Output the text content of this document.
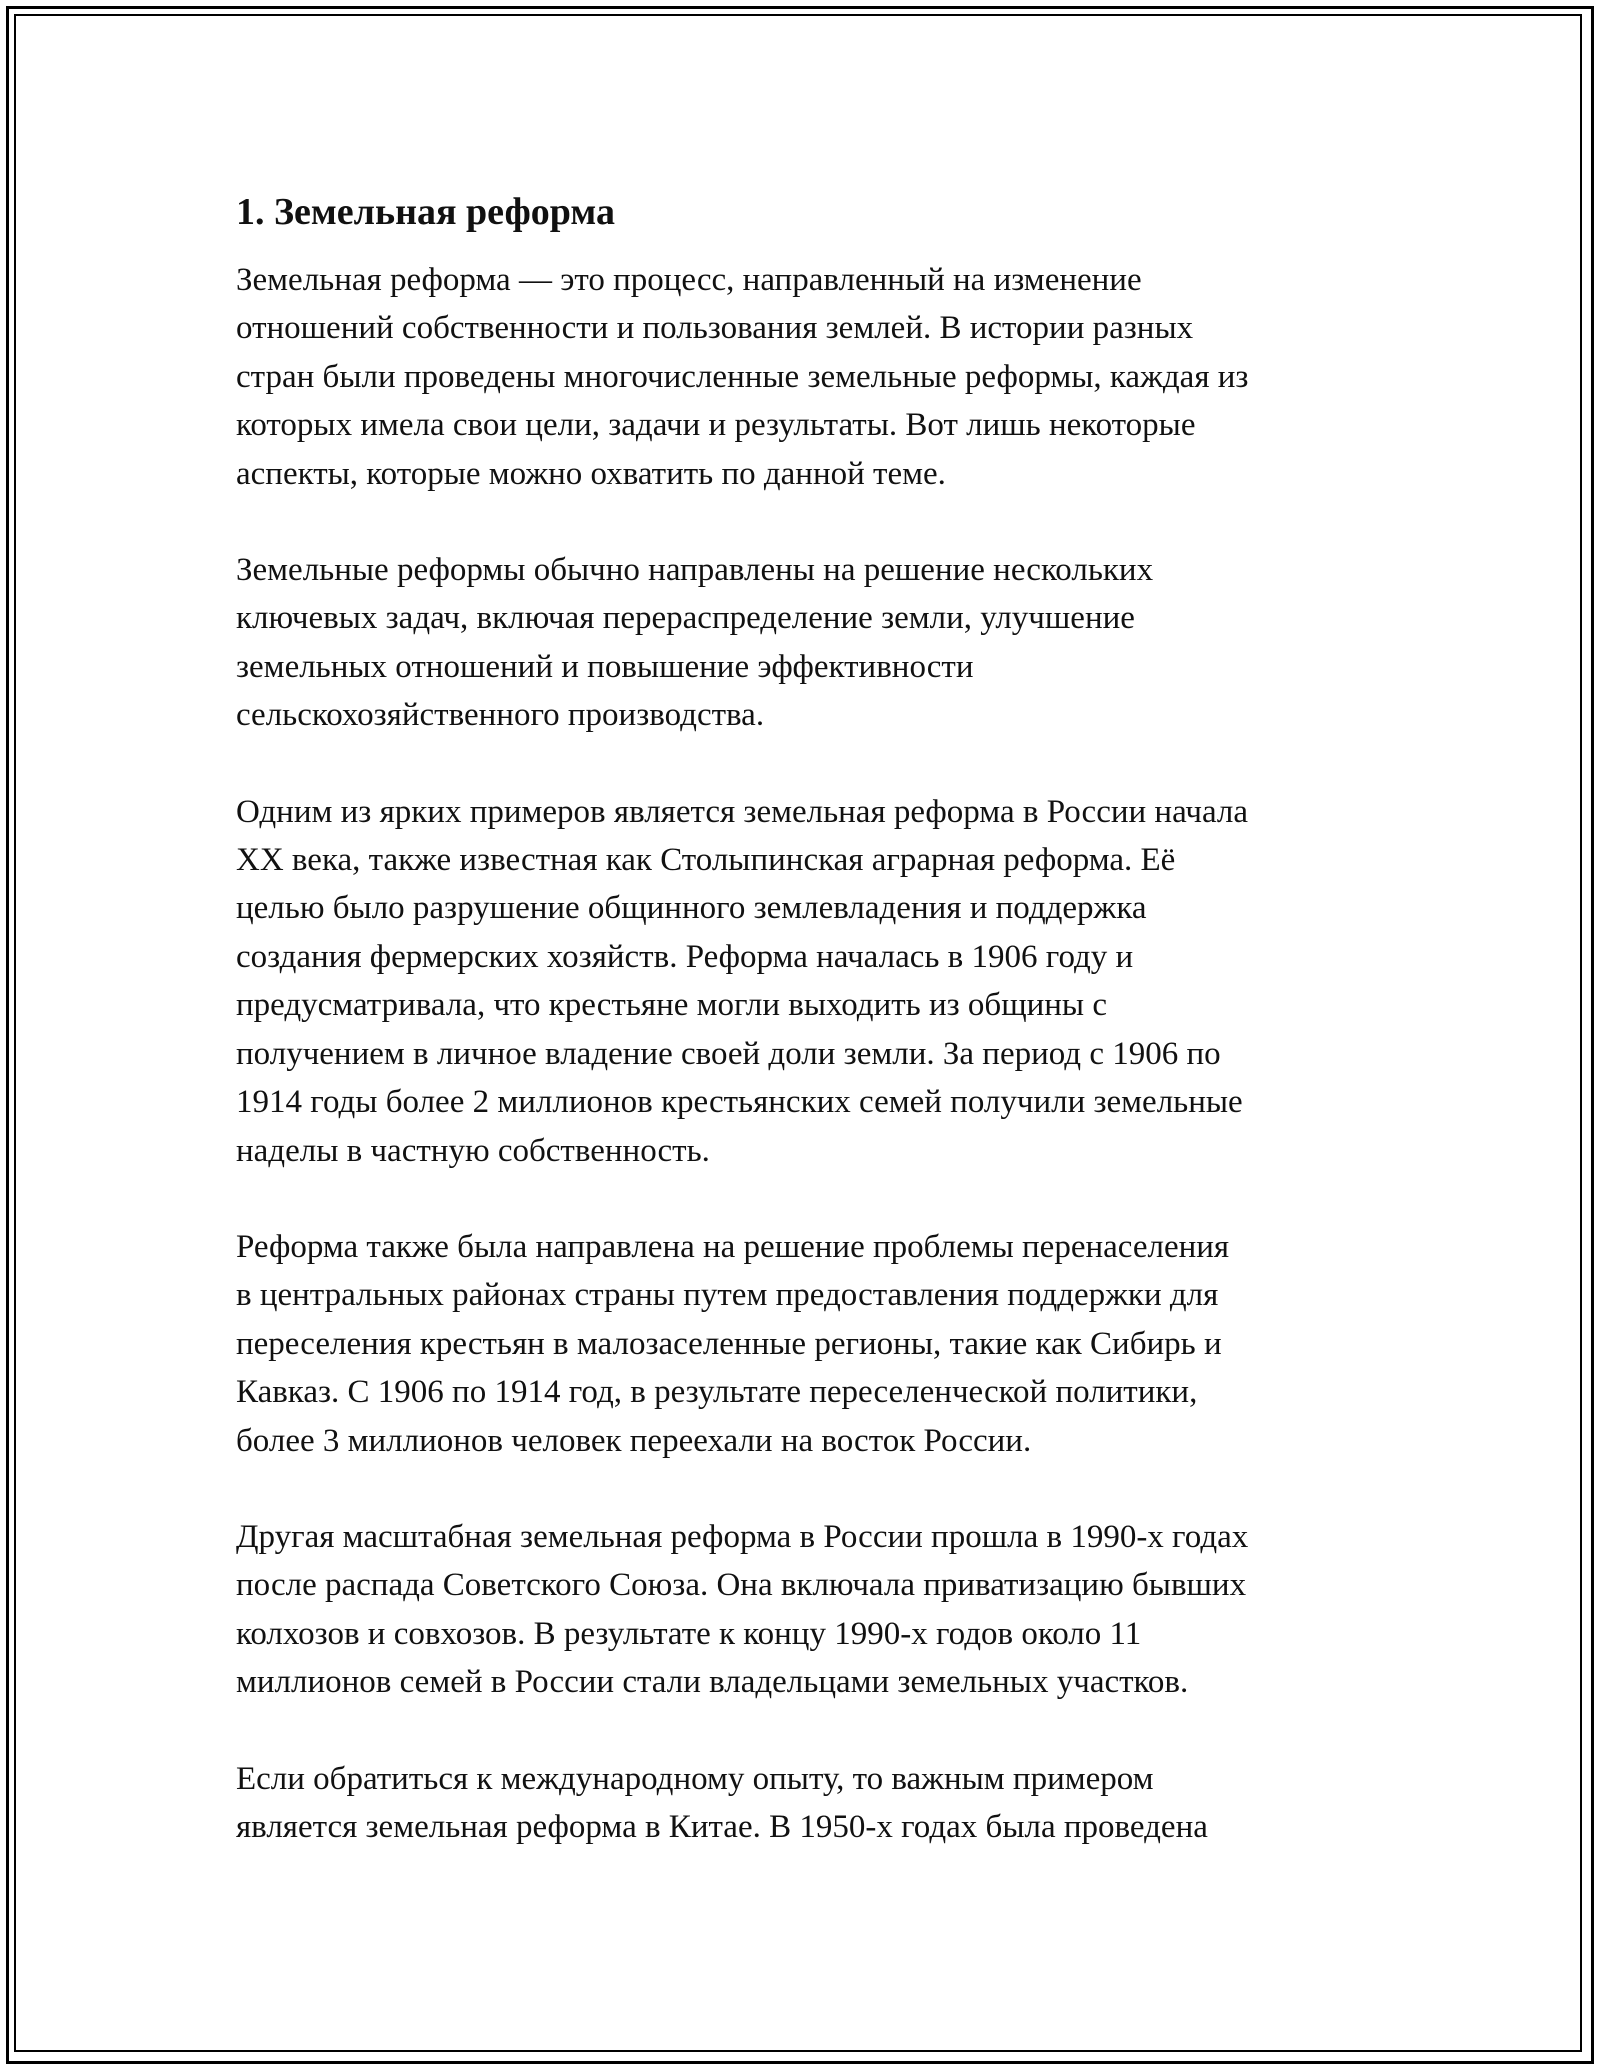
1. Земельная реформа
Земельная реформа — это процесс, направленный на изменение
отношений собственности и пользования землей. В истории разных
стран были проведены многочисленные земельные реформы, каждая из
которых имела свои цели, задачи и результаты. Вот лишь некоторые
аспекты, которые можно охватить по данной теме.
Земельные реформы обычно направлены на решение нескольких
ключевых задач, включая перераспределение земли, улучшение
земельных отношений и повышение эффективности
сельскохозяйственного производства.
Одним из ярких примеров является земельная реформа в России начала
XX века, также известная как Столыпинская аграрная реформа. Её
целью было разрушение общинного землевладения и поддержка
создания фермерских хозяйств. Реформа началась в 1906 году и
предусматривала, что крестьяне могли выходить из общины с
получением в личное владение своей доли земли. За период с 1906 по
1914 годы более 2 миллионов крестьянских семей получили земельные
наделы в частную собственность.
Реформа также была направлена на решение проблемы перенаселения
в центральных районах страны путем предоставления поддержки для
переселения крестьян в малозаселенные регионы, такие как Сибирь и
Кавказ. С 1906 по 1914 год, в результате переселенческой политики,
более 3 миллионов человек переехали на восток России.
Другая масштабная земельная реформа в России прошла в 1990-х годах
после распада Советского Союза. Она включала приватизацию бывших
колхозов и совхозов. В результате к концу 1990-х годов около 11
миллионов семей в России стали владельцами земельных участков.
Если обратиться к международному опыту, то важным примером
является земельная реформа в Китае. В 1950-х годах была проведена
